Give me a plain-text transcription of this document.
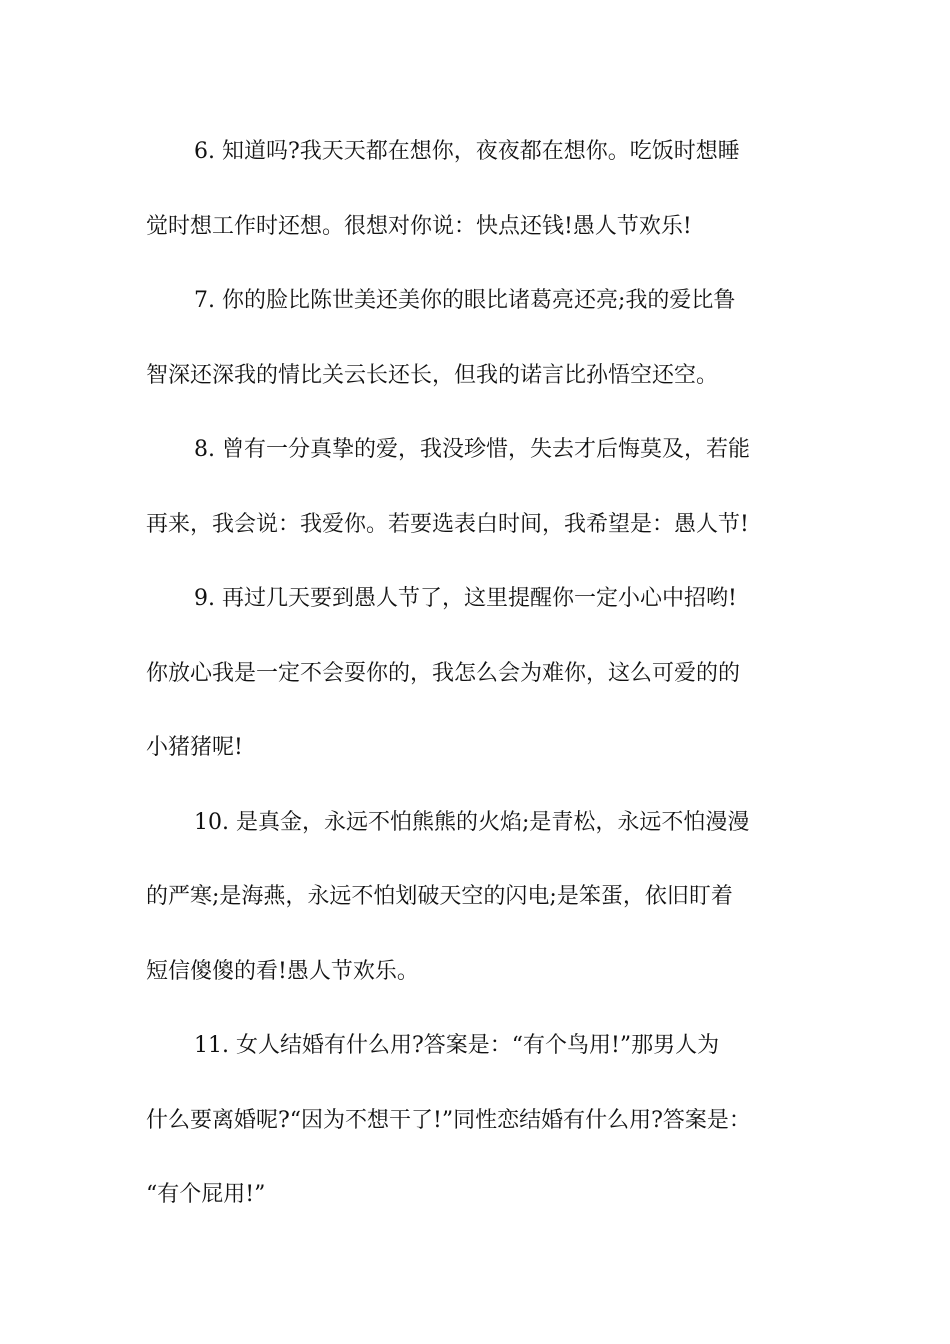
6. 知道吗?我天天都在想你，夜夜都在想你。吃饭时想睡
觉时想工作时还想。很想对你说：快点还钱!愚人节欢乐!
7. 你的脸比陈世美还美你的眼比诸葛亮还亮;我的爱比鲁
智深还深我的情比关云长还长，但我的诺言比孙悟空还空。
8. 曾有一分真挚的爱，我没珍惜，失去才后悔莫及，若能
再来，我会说：我爱你。若要选表白时间，我希望是：愚人节!
9. 再过几天要到愚人节了，这里提醒你一定小心中招哟!
你放心我是一定不会耍你的，我怎么会为难你，这么可爱的的
小猪猪呢!
10. 是真金，永远不怕熊熊的火焰;是青松，永远不怕漫漫
的严寒;是海燕，永远不怕划破天空的闪电;是笨蛋，依旧盯着
短信傻傻的看!愚人节欢乐。
11. 女人结婚有什么用?答案是：“有个鸟用!”那男人为
什么要离婚呢?“因为不想干了!”同性恋结婚有什么用?答案是：
“有个屁用!”
